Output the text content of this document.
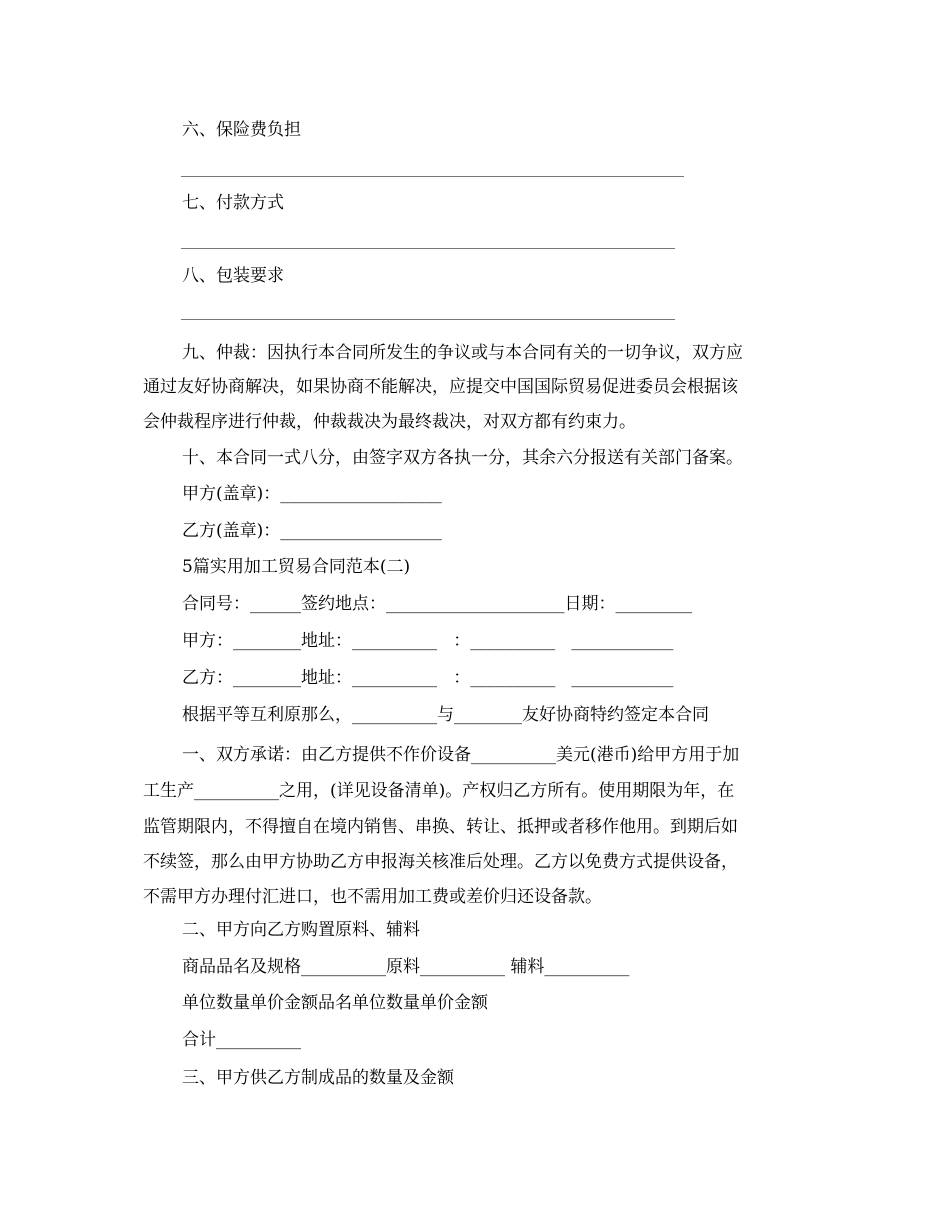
六、保险费负担
七、付款方式
八、包装要求
九、仲裁：因执行本合同所发生的争议或与本合同有关的一切争议，双方应
通过友好协商解决，如果协商不能解决，应提交中国国际贸易促进委员会根据该
会仲裁程序进行仲裁，仲裁裁决为最终裁决，对双方都有约束力。
十、本合同一式八分，由签字双方各执一分，其余六分报送有关部门备案。
甲方(盖章)：___________________
乙方(盖章)：___________________
5篇实用加工贸易合同范本(二)
合同号：______签约地点：_____________________日期：_________
甲方：________地址：__________   ：__________   ____________
乙方：________地址：__________   ：__________   ____________
根据平等互利原那么，__________与________友好协商特约签定本合同
一、双方承诺：由乙方提供不作价设备__________美元(港币)给甲方用于加
工生产__________之用，(详见设备清单)。产权归乙方所有。使用期限为年，在
监管期限内，不得擅自在境内销售、串换、转让、抵押或者移作他用。到期后如
不续签，那么由甲方协助乙方申报海关核准后处理。乙方以免费方式提供设备，
不需甲方办理付汇进口，也不需用加工费或差价归还设备款。
二、甲方向乙方购置原料、辅料
商品品名及规格__________原料__________ 辅料__________
单位数量单价金额品名单位数量单价金额
合计__________
三、甲方供乙方制成品的数量及金额
